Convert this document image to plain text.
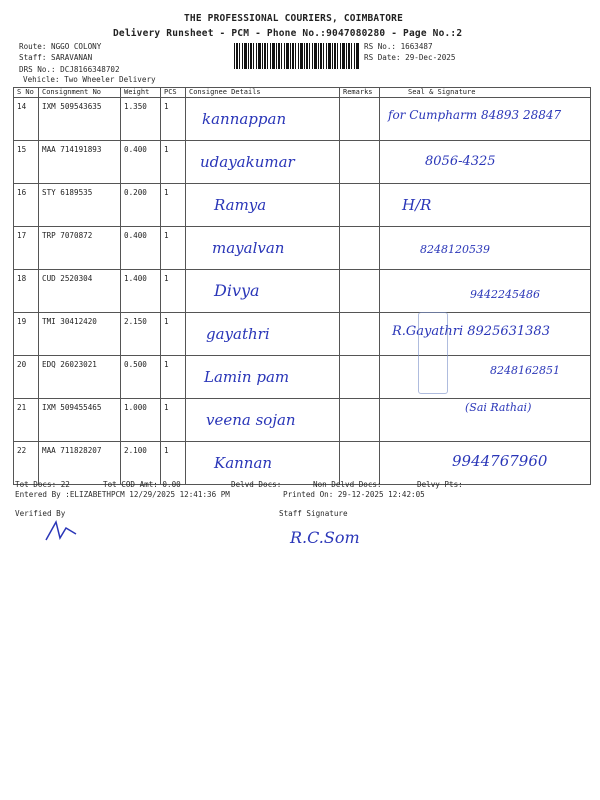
THE PROFESSIONAL COURIERS, COIMBATORE
Delivery Runsheet - PCM - Phone No.:9047080280 - Page No.:2
Route: NGGO COLONY
Staff: SARAVANAN
DRS No.: DCJ8166348702
Vehicle: Two Wheeler Delivery
RS No.: 1663487
RS Date: 29-Dec-2025
S No	Consignment No	Weight	PCS	Consignee Details	Remarks	Seal & Signature
14	IXM 509543635	1.350	1	kannappan		for Cumpharm 84893 28847

15	MAA 714191893	0.400	1	udayakumar		8056-4325

16	STY 6189535	0.200	1	Ramya		H/R

17	TRP 7070872	0.400	1	mayalvan		8248120539

18	CUD 2520304	1.400	1	Divya		9442245486

19	TMI 30412420	2.150	1	gayathri		R.Gayathri 8925631383

20	EDQ 26023021	0.500	1	Lamin pam		8248162851

21	IXM 509455465	1.000	1	veena sojan		(Sai Rathai)

22	MAA 711828207	2.100	1	Kannan		9944767960
Tot Docs: 22	Tot COD Amt: 0.00	Delvd Docs:	Non Delvd Docs:	Delvy Pts:
Entered By :ELIZABETHPCM 12/29/2025 12:41:36 PM	Printed On: 29-12-2025 12:42:05
Verified By	Staff Signature
R.C.Som
